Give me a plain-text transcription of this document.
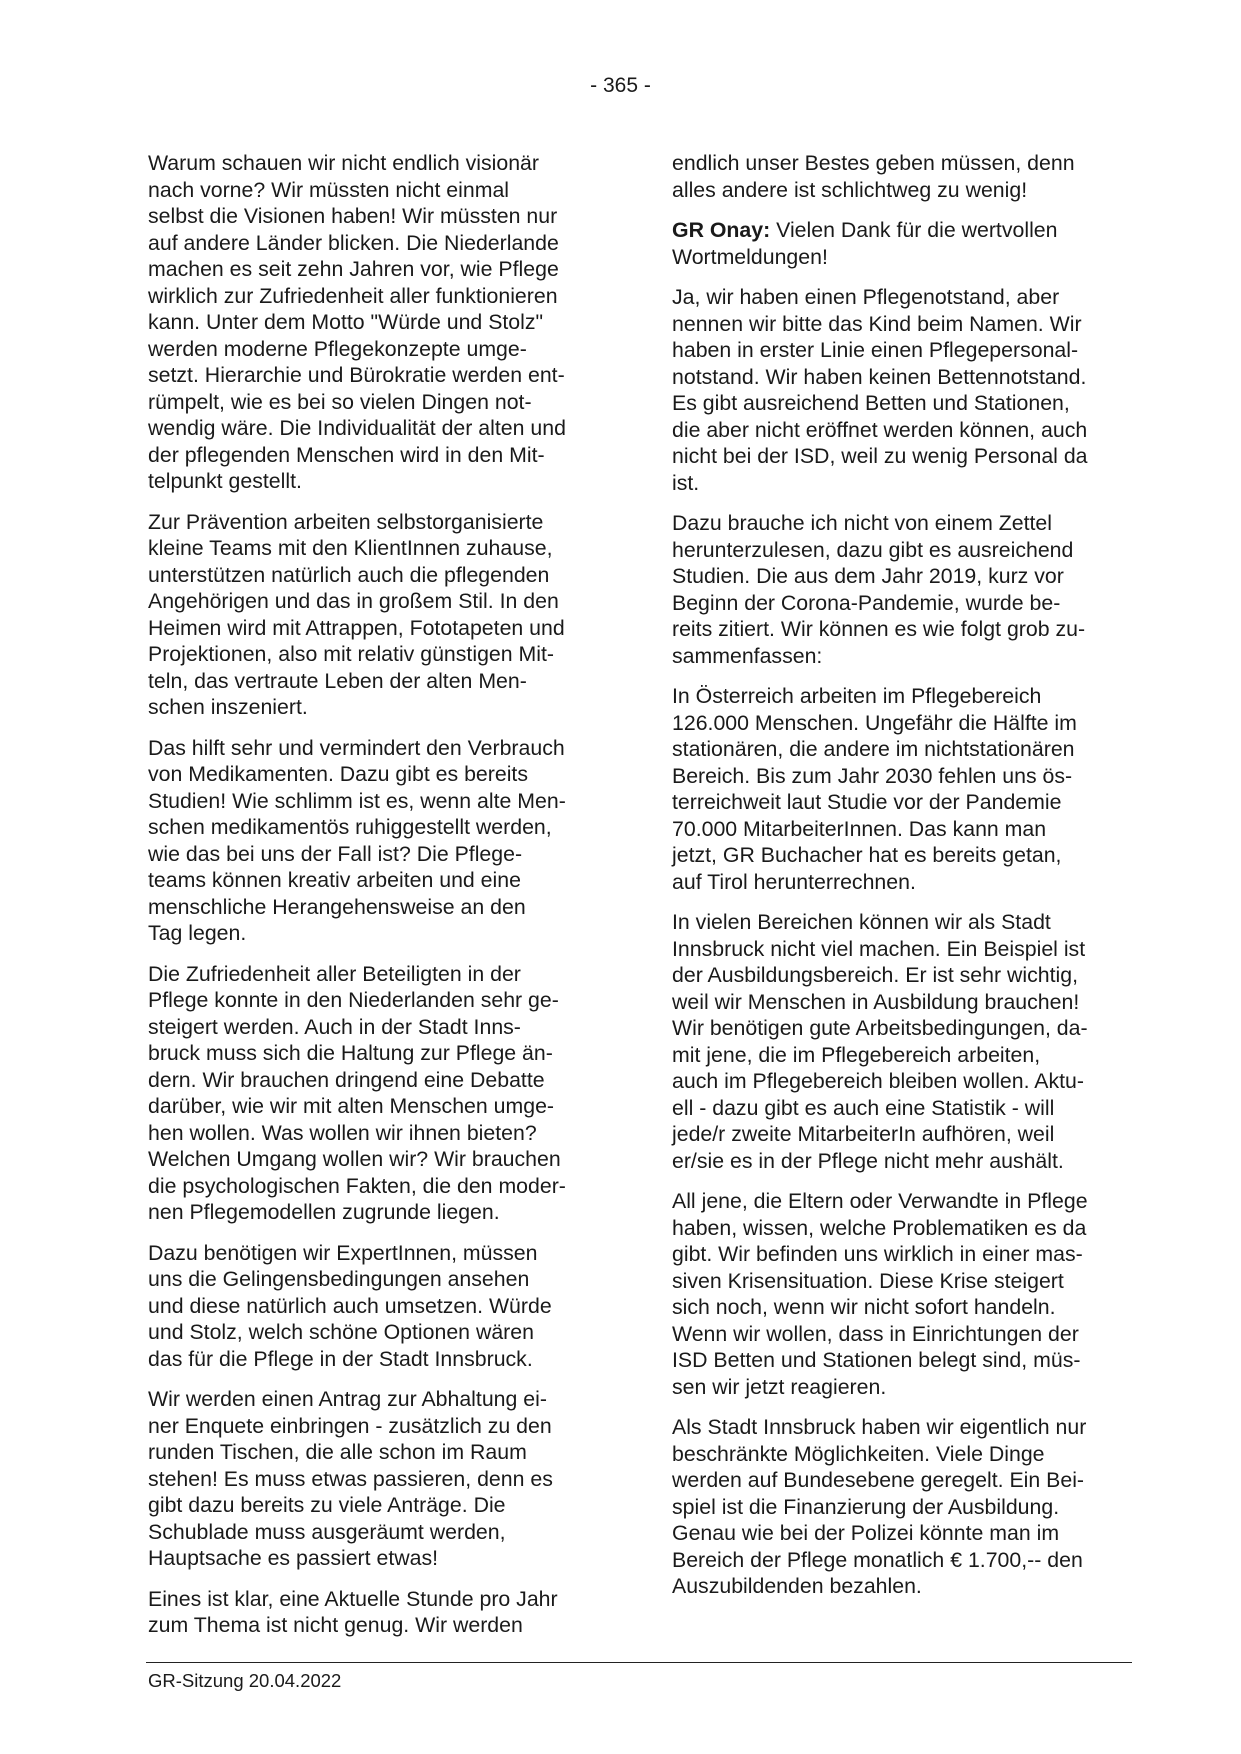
- 365 -

Warum schauen wir nicht endlich visionär
nach vorne? Wir müssten nicht einmal
selbst die Visionen haben! Wir müssten nur
auf andere Länder blicken. Die Niederlande
machen es seit zehn Jahren vor, wie Pflege
wirklich zur Zufriedenheit aller funktionieren
kann. Unter dem Motto "Würde und Stolz"
werden moderne Pflegekonzepte umge-
setzt. Hierarchie und Bürokratie werden ent-
rümpelt, wie es bei so vielen Dingen not-
wendig wäre. Die Individualität der alten und
der pflegenden Menschen wird in den Mit-
telpunkt gestellt.

Zur Prävention arbeiten selbstorganisierte
kleine Teams mit den KlientInnen zuhause,
unterstützen natürlich auch die pflegenden
Angehörigen und das in großem Stil. In den
Heimen wird mit Attrappen, Fototapeten und
Projektionen, also mit relativ günstigen Mit-
teln, das vertraute Leben der alten Men-
schen inszeniert.

Das hilft sehr und vermindert den Verbrauch
von Medikamenten. Dazu gibt es bereits
Studien! Wie schlimm ist es, wenn alte Men-
schen medikamentös ruhiggestellt werden,
wie das bei uns der Fall ist? Die Pflege-
teams können kreativ arbeiten und eine
menschliche Herangehensweise an den
Tag legen.

Die Zufriedenheit aller Beteiligten in der
Pflege konnte in den Niederlanden sehr ge-
steigert werden. Auch in der Stadt Inns-
bruck muss sich die Haltung zur Pflege än-
dern. Wir brauchen dringend eine Debatte
darüber, wie wir mit alten Menschen umge-
hen wollen. Was wollen wir ihnen bieten?
Welchen Umgang wollen wir? Wir brauchen
die psychologischen Fakten, die den moder-
nen Pflegemodellen zugrunde liegen.

Dazu benötigen wir ExpertInnen, müssen
uns die Gelingensbedingungen ansehen
und diese natürlich auch umsetzen. Würde
und Stolz, welch schöne Optionen wären
das für die Pflege in der Stadt Innsbruck.

Wir werden einen Antrag zur Abhaltung ei-
ner Enquete einbringen - zusätzlich zu den
runden Tischen, die alle schon im Raum
stehen! Es muss etwas passieren, denn es
gibt dazu bereits zu viele Anträge. Die
Schublade muss ausgeräumt werden,
Hauptsache es passiert etwas!

Eines ist klar, eine Aktuelle Stunde pro Jahr
zum Thema ist nicht genug. Wir werden

endlich unser Bestes geben müssen, denn
alles andere ist schlichtweg zu wenig!

GR Onay: Vielen Dank für die wertvollen
Wortmeldungen!

Ja, wir haben einen Pflegenotstand, aber
nennen wir bitte das Kind beim Namen. Wir
haben in erster Linie einen Pflegepersonal-
notstand. Wir haben keinen Bettennotstand.
Es gibt ausreichend Betten und Stationen,
die aber nicht eröffnet werden können, auch
nicht bei der ISD, weil zu wenig Personal da
ist.

Dazu brauche ich nicht von einem Zettel
herunterzulesen, dazu gibt es ausreichend
Studien. Die aus dem Jahr 2019, kurz vor
Beginn der Corona-Pandemie, wurde be-
reits zitiert. Wir können es wie folgt grob zu-
sammenfassen:

In Österreich arbeiten im Pflegebereich
126.000 Menschen. Ungefähr die Hälfte im
stationären, die andere im nichtstationären
Bereich. Bis zum Jahr 2030 fehlen uns ös-
terreichweit laut Studie vor der Pandemie
70.000 MitarbeiterInnen. Das kann man
jetzt, GR Buchacher hat es bereits getan,
auf Tirol herunterrechnen.

In vielen Bereichen können wir als Stadt
Innsbruck nicht viel machen. Ein Beispiel ist
der Ausbildungsbereich. Er ist sehr wichtig,
weil wir Menschen in Ausbildung brauchen!
Wir benötigen gute Arbeitsbedingungen, da-
mit jene, die im Pflegebereich arbeiten,
auch im Pflegebereich bleiben wollen. Aktu-
ell - dazu gibt es auch eine Statistik - will
jede/r zweite MitarbeiterIn aufhören, weil
er/sie es in der Pflege nicht mehr aushält.

All jene, die Eltern oder Verwandte in Pflege
haben, wissen, welche Problematiken es da
gibt. Wir befinden uns wirklich in einer mas-
siven Krisensituation. Diese Krise steigert
sich noch, wenn wir nicht sofort handeln.
Wenn wir wollen, dass in Einrichtungen der
ISD Betten und Stationen belegt sind, müs-
sen wir jetzt reagieren.

Als Stadt Innsbruck haben wir eigentlich nur
beschränkte Möglichkeiten. Viele Dinge
werden auf Bundesebene geregelt. Ein Bei-
spiel ist die Finanzierung der Ausbildung.
Genau wie bei der Polizei könnte man im
Bereich der Pflege monatlich € 1.700,-- den
Auszubildenden bezahlen.

GR-Sitzung 20.04.2022
